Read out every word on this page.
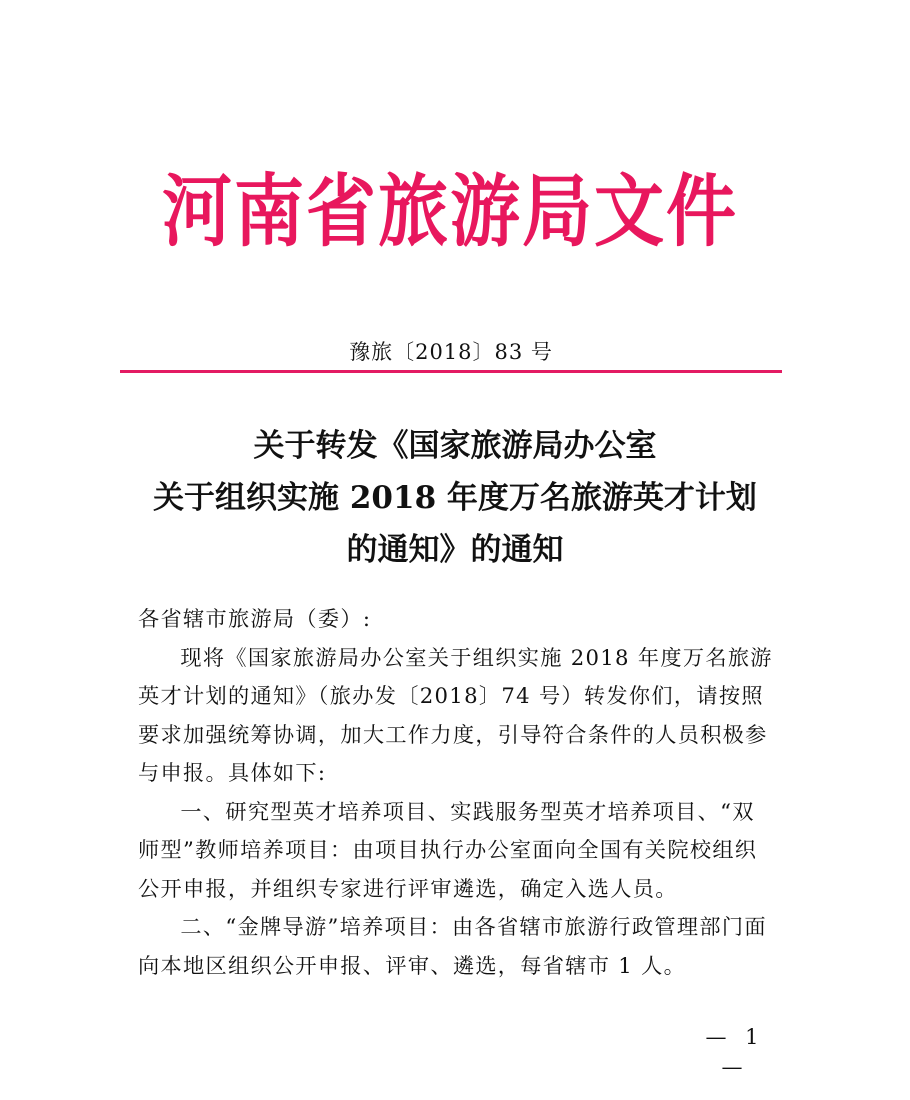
河南省旅游局文件
豫旅〔2018〕83 号
关于转发《国家旅游局办公室
关于组织实施 2018 年度万名旅游英才计划
的通知》的通知

各省辖市旅游局（委）:

现将《国家旅游局办公室关于组织实施 2018 年度万名旅游英才计划的通知》（旅办发〔2018〕74 号）转发你们，请按照要求加强统筹协调，加大工作力度，引导符合条件的人员积极参与申报。具体如下:

一、研究型英才培养项目、实践服务型英才培养项目、“双师型”教师培养项目：由项目执行办公室面向全国有关院校组织公开申报，并组织专家进行评审遴选，确定入选人员。

二、“金牌导游”培养项目：由各省辖市旅游行政管理部门面向本地区组织公开申报、评审、遴选，每省辖市 1 人。

— 1 —
